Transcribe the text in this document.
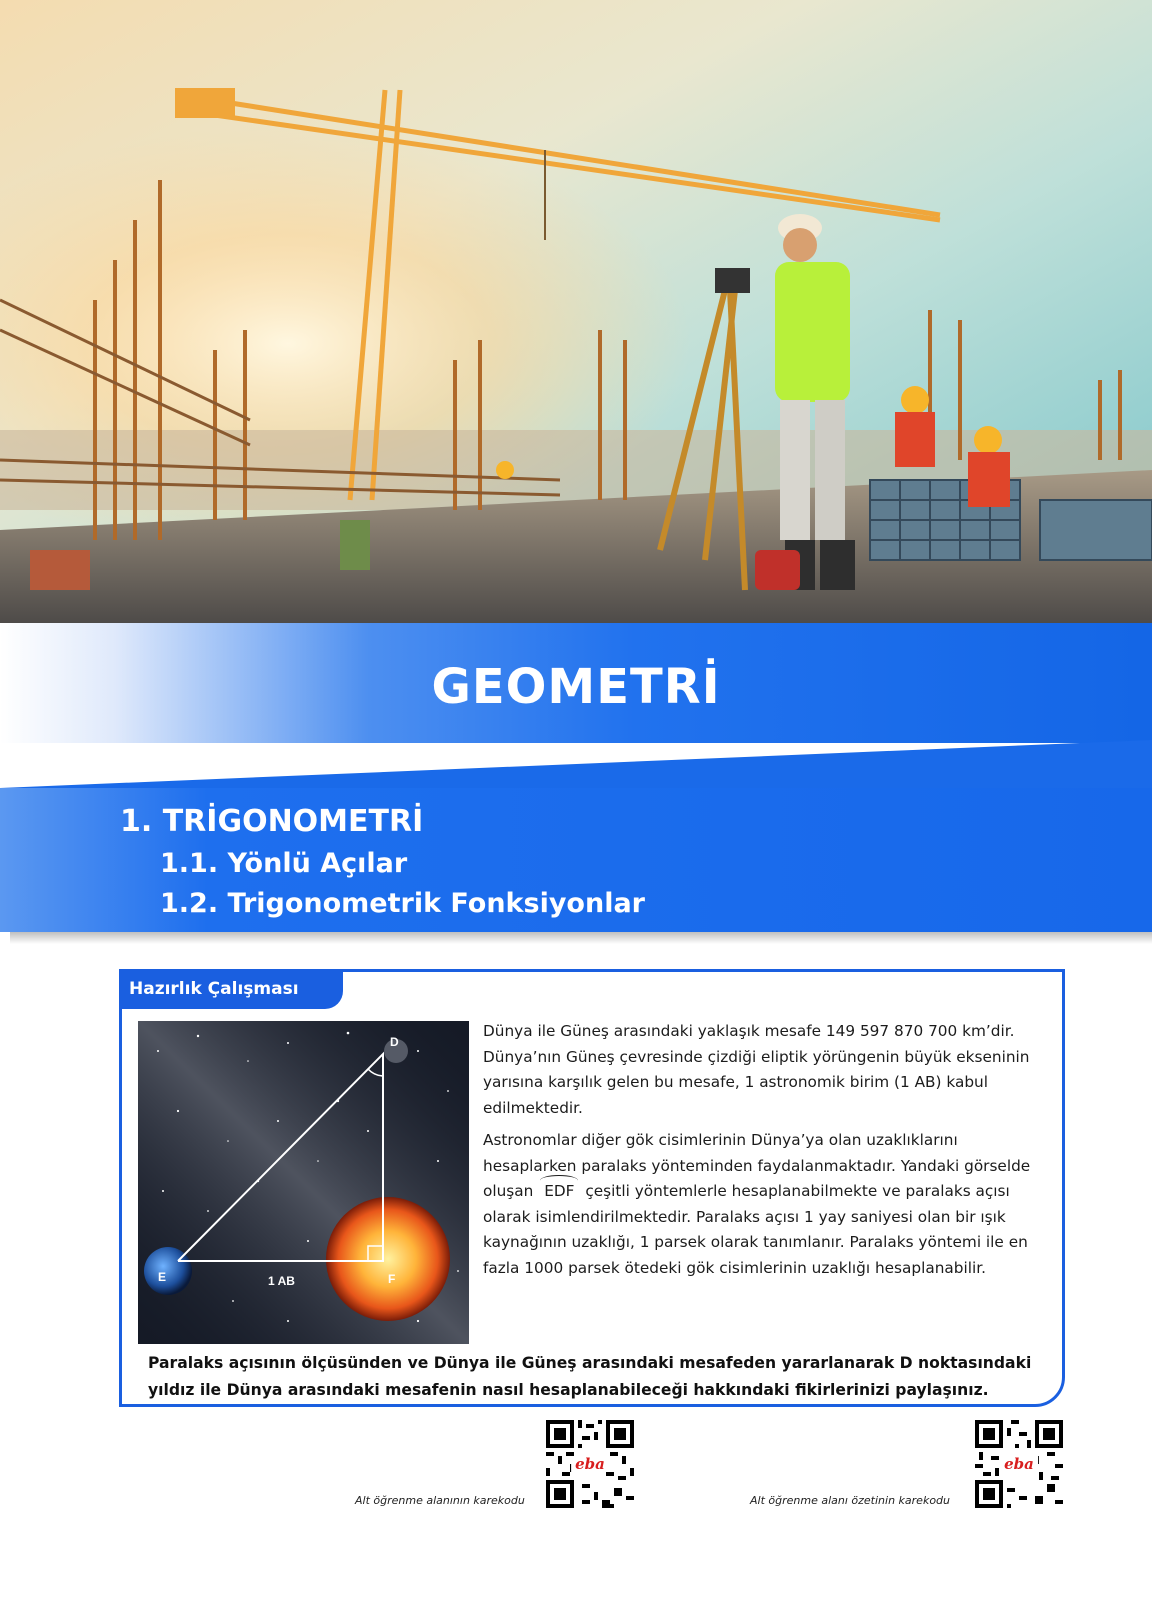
GEOMETRİ
1. TRİGONOMETRİ
1.1. Yönlü Açılar
1.2. Trigonometrik Fonksiyonlar
Hazırlık Çalışması
D
E	F
1 AB
Dünya ile Güneş arasındaki yaklaşık mesafe 149 597 870 700 km’dir. Dünya’nın Güneş çevresinde çizdiği eliptik yörüngenin büyük ekseninin yarısına karşılık gelen bu mesafe, 1 astronomik birim (1 AB) kabul edilmektedir.
Astronomlar diğer gök cisimlerinin Dünya’ya olan uzaklıklarını hesaplarken paralaks yönteminden faydalanmaktadır. Yandaki görselde oluşan EDF çeşitli yöntemlerle hesaplanabilmekte ve paralaks açısı olarak isimlendirilmektedir. Paralaks açısı 1 yay saniyesi olan bir ışık kaynağının uzaklığı, 1 parsek olarak tanımlanır. Paralaks yöntemi ile en fazla 1000 parsek ötedeki gök cisimlerinin uzaklığı hesaplanabilir.
Paralaks açısının ölçüsünden ve Dünya ile Güneş arasındaki mesafeden yararlanarak D noktasındaki yıldız ile Dünya arasındaki mesafenin nasıl hesaplanabileceği hakkındaki fikirlerinizi paylaşınız.
eba
Alt öğrenme alanının karekodu
eba
Alt öğrenme alanı özetinin karekodu
